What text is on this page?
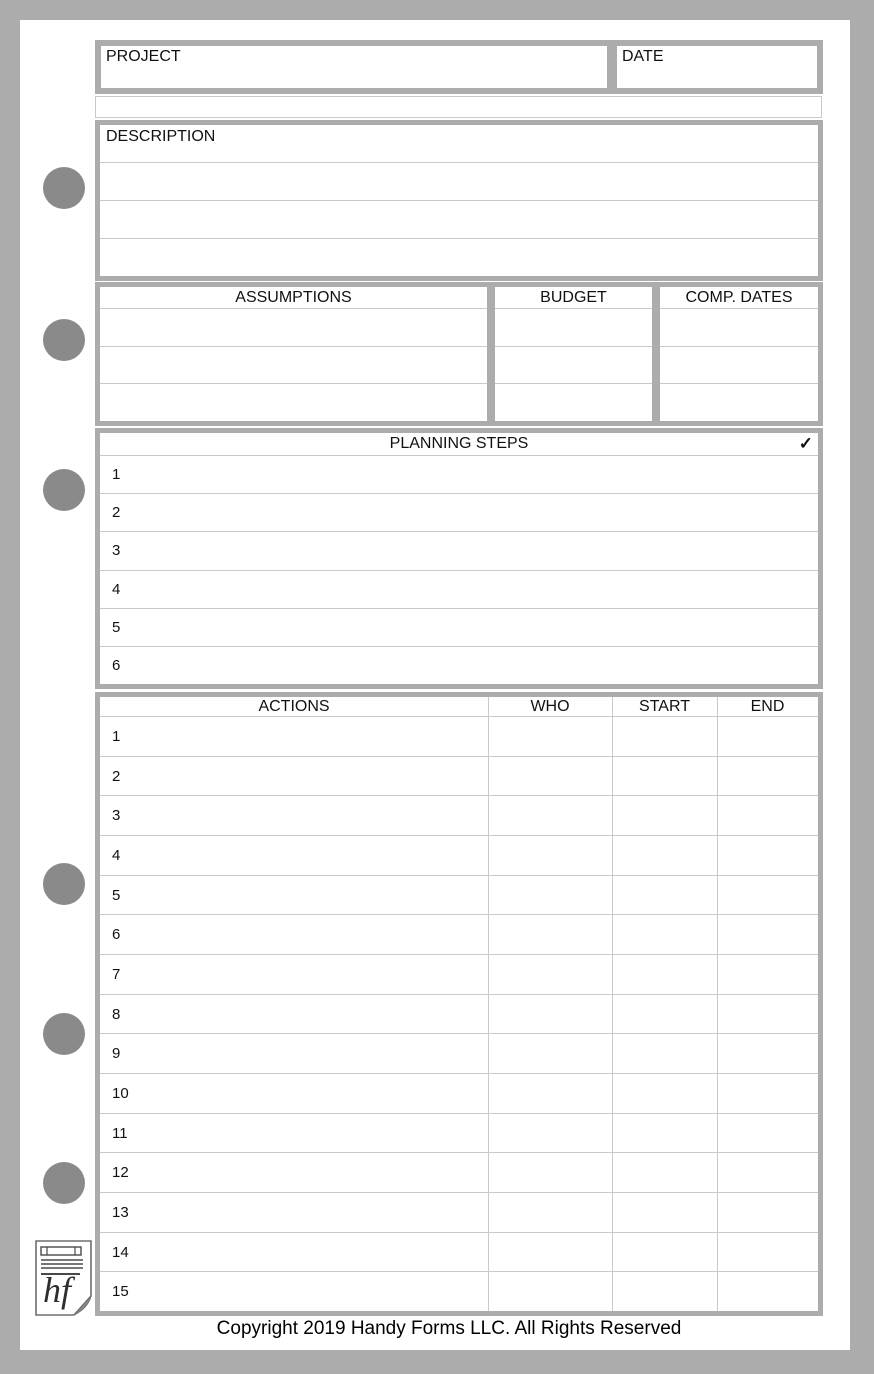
PROJECT	DATE
DESCRIPTION
ASSUMPTIONS	BUDGET	COMP. DATES
PLANNING STEPS	✓
1
2
3
4
5
6
ACTIONS	WHO	START	END
1
2
3
4
5
6
7
8
9
10
11
12
13
14
15
Copyright 2019 Handy Forms LLC. All Rights Reserved
hf
